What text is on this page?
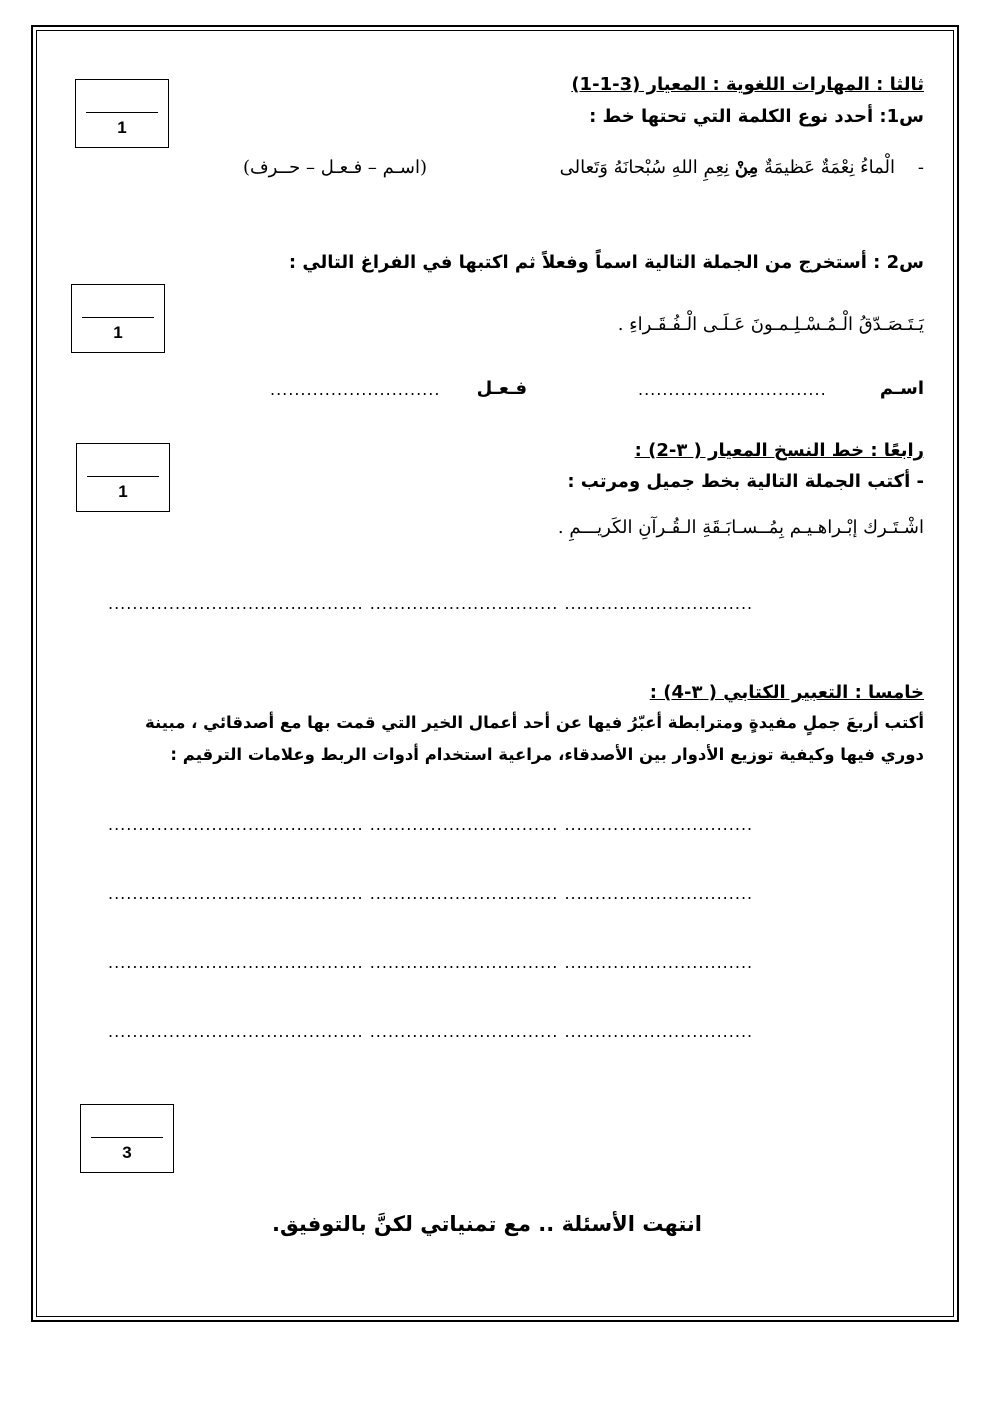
ثالثا : المهارات اللغوية : المعيار (3-1-1)
س1: أحدد نوع الكلمة التي تحتها خط :
-    الْماءُ نِعْمَةٌ عَظيمَةٌ مِنْ نِعِمِ اللهِ سُبْحانَهُ وَتَعالى
(اسـم – فـعـل – حــرف)
1
س2 : أستخرج من الجملة التالية اسماً وفعلاً ثم اكتبها في الفراغ التالي :
يَـتَـصَـدّقُ الْـمُـسْـلِـمـونَ عَـلَـى الْـفُـقَـراءِ .
1
اسـم
...............................
فـعـل
............................
رابعًا : خط النسخ المعيار ( ٣-2) :
- أكتب الجملة التالية بخط جميل ومرتب :
اشْـتَـرك إبْـراهـيـم بِمُــسـابَـقَةِ الـقُـرآنِ الكَريـــمِ .
1
.......................................... ............................... ...............................
خامسا : التعبير الكتابي ( ٣-4) :
أكتب أربعَ جملٍ مفيدةٍ ومترابطة أعبّرُ فيها عن أحد أعمال الخير التي قمت بها مع أصدقائي ، مبينة
دوري فيها وكيفية توزيع الأدوار بين الأصدقاء، مراعية استخدام أدوات الربط وعلامات الترقيم :
.......................................... ............................... ...............................
.......................................... ............................... ...............................
.......................................... ............................... ...............................
.......................................... ............................... ...............................
3
انتهت الأسئلة .. مع تمنياتي لكنَّ بالتوفيق.
